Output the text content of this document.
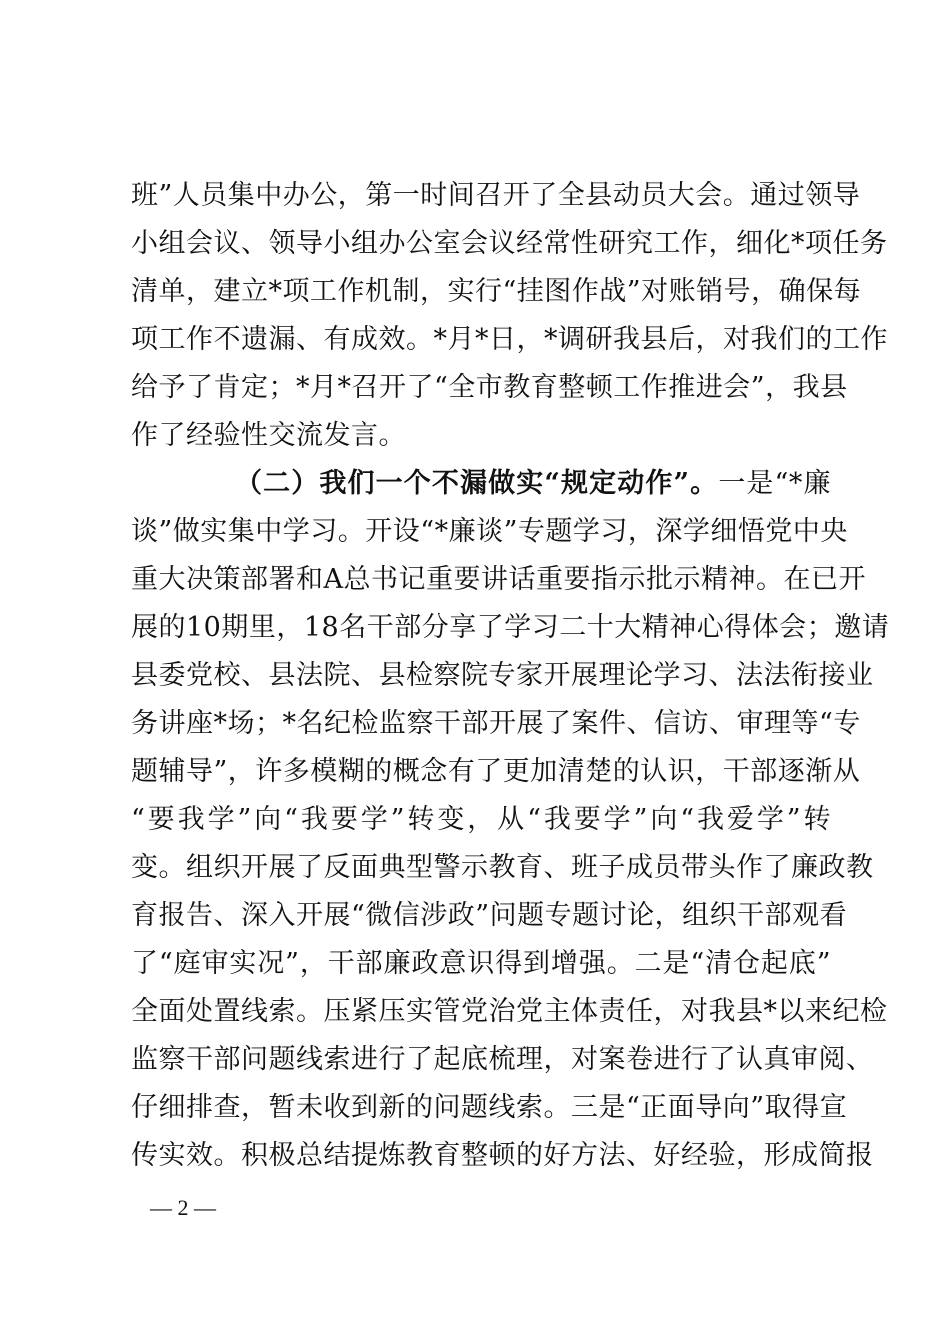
班”人员集中办公，第一时间召开了全县动员大会。通过领导
小组会议、领导小组办公室会议经常性研究工作，细化*项任务
清单，建立*项工作机制，实行“挂图作战”对账销号，确保每
项工作不遗漏、有成效。*月*日，*调研我县后，对我们的工作
给予了肯定；*月*召开了“全市教育整顿工作推进会”，我县
作了经验性交流发言。
（二）我们一个不漏做实“规定动作”。一是“*廉
谈”做实集中学习。开设“*廉谈”专题学习，深学细悟党中央
重大决策部署和A总书记重要讲话重要指示批示精神。在已开
展的10期里，18名干部分享了学习二十大精神心得体会；邀请
县委党校、县法院、县检察院专家开展理论学习、法法衔接业
务讲座*场；*名纪检监察干部开展了案件、信访、审理等“专
题辅导”，许多模糊的概念有了更加清楚的认识，干部逐渐从
“要我学”向“我要学”转变，从“我要学”向“我爱学”转
变。组织开展了反面典型警示教育、班子成员带头作了廉政教
育报告、深入开展“微信涉政”问题专题讨论，组织干部观看
了“庭审实况”，干部廉政意识得到增强。二是“清仓起底”
全面处置线索。压紧压实管党治党主体责任，对我县*以来纪检
监察干部问题线索进行了起底梳理，对案卷进行了认真审阅、
仔细排查，暂未收到新的问题线索。三是“正面导向”取得宣
传实效。积极总结提炼教育整顿的好方法、好经验，形成简报
— 2 —
